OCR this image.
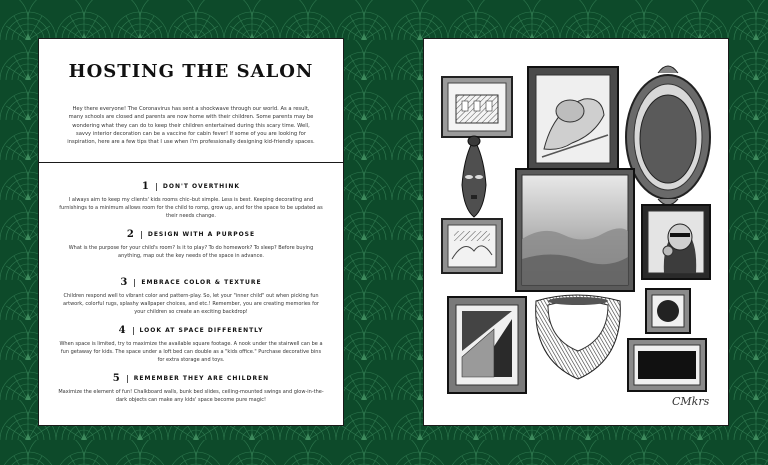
HOSTING THE SALON

Hey there everyone! The Coronavirus has sent a shockwave through our world. As a result, many schools are closed and parents are now home with their children. Some parents may be wondering what they can do to keep their children entertained during this scary time. Well, savvy interior decoration can be a vaccine for cabin fever! If some of you are looking for inspiration, here are a few tips that I use when I'm professionally designing kid-friendly spaces.

1 DON'T OVERTHINK
I always aim to keep my clients' kids rooms chic–but simple. Less is best. Keeping decorating and furnishings to a minimum allows room for the child to romp, grow up, and for the space to be updated as their needs change.
2 DESIGN WITH A PURPOSE
What is the purpose for your child's room? Is it to play? To do homework? To sleep? Before buying anything, map out the key needs of the space in advance.
3 EMBRACE COLOR & TEXTURE
Children respond well to vibrant color and pattern-play. So, let your "inner child" out when picking fun artwork, colorful rugs, splashy wallpaper choices, and etc.! Remember, you are creating memories for your children so create an exciting backdrop!
4 LOOK AT SPACE DIFFERENTLY
When space is limited, try to maximize the available square footage. A nook under the stairwell can be a fun getaway for kids. The space under a loft bed can double as a "kids office." Purchase decorative bins for extra storage and toys.
5 REMEMBER THEY ARE CHILDREN
Maximize the element of fun! Chalkboard walls, bunk bed slides, ceiling-mounted swings and glow-in-the-dark objects can make any kids' space become pure magic!	CMkrs
